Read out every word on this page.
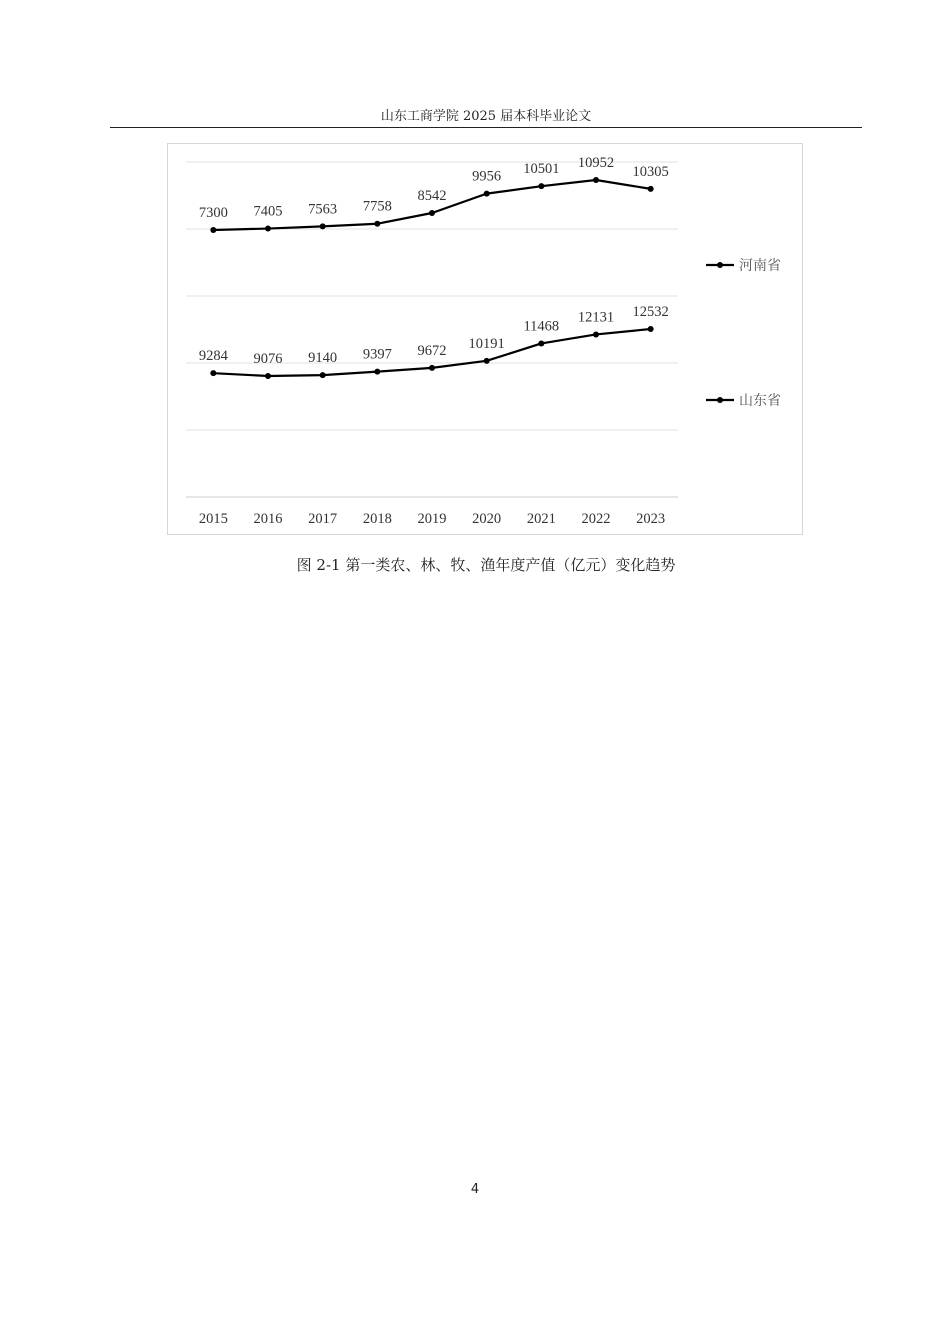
山东工商学院 2025 届本科毕业论文
2015 2016 2017 2018 2019 2020 2021 2022 2023
7300 7405 7563 7758
8542
9956 10501 10952
10305
河南省
9284 9076 9140 9397 9672 10191
11468
12131 12532
山东省
图 2-1 第一类农、林、牧、渔年度产值（亿元）变化趋势
4
